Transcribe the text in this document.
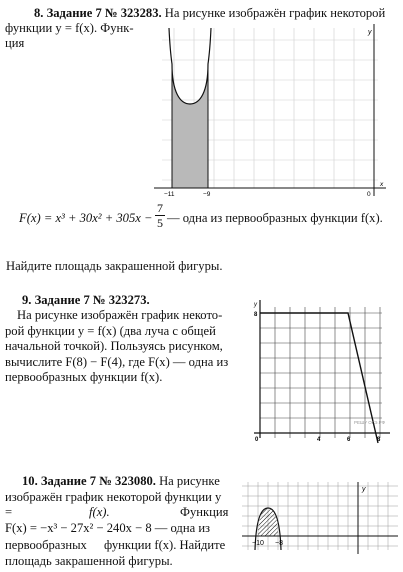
8. Задание 7 № 323283. На рисунке изображён график некоторой
функции y = f(x). Функ-
ция
y
−11	−9	0
x
F(x) = x³ + 30x² + 305x −
7
5 — одна из первообразных функции f(x).
Найдите площадь закрашенной фигуры.
9. Задание 7 № 323273.
На рисунке изображён график некото-
рой функции y = f(x) (два луча с общей
начальной точкой). Пользуясь рисунком,
вычислите F(8) − F(4), где F(x) — одна из
первообразных функции f(x).
y
8
0	4	6	8
РЕШУ ОГЭ.РФ
10. Задание 7 № 323080. На рисунке
изображён график некоторой функции y
=	f(x).	Функция
F(x) = −x³ − 27x² − 240x − 8 — одна из
первообразных функции f(x). Найдите
площадь закрашенной фигуры.
y
−10 −8
